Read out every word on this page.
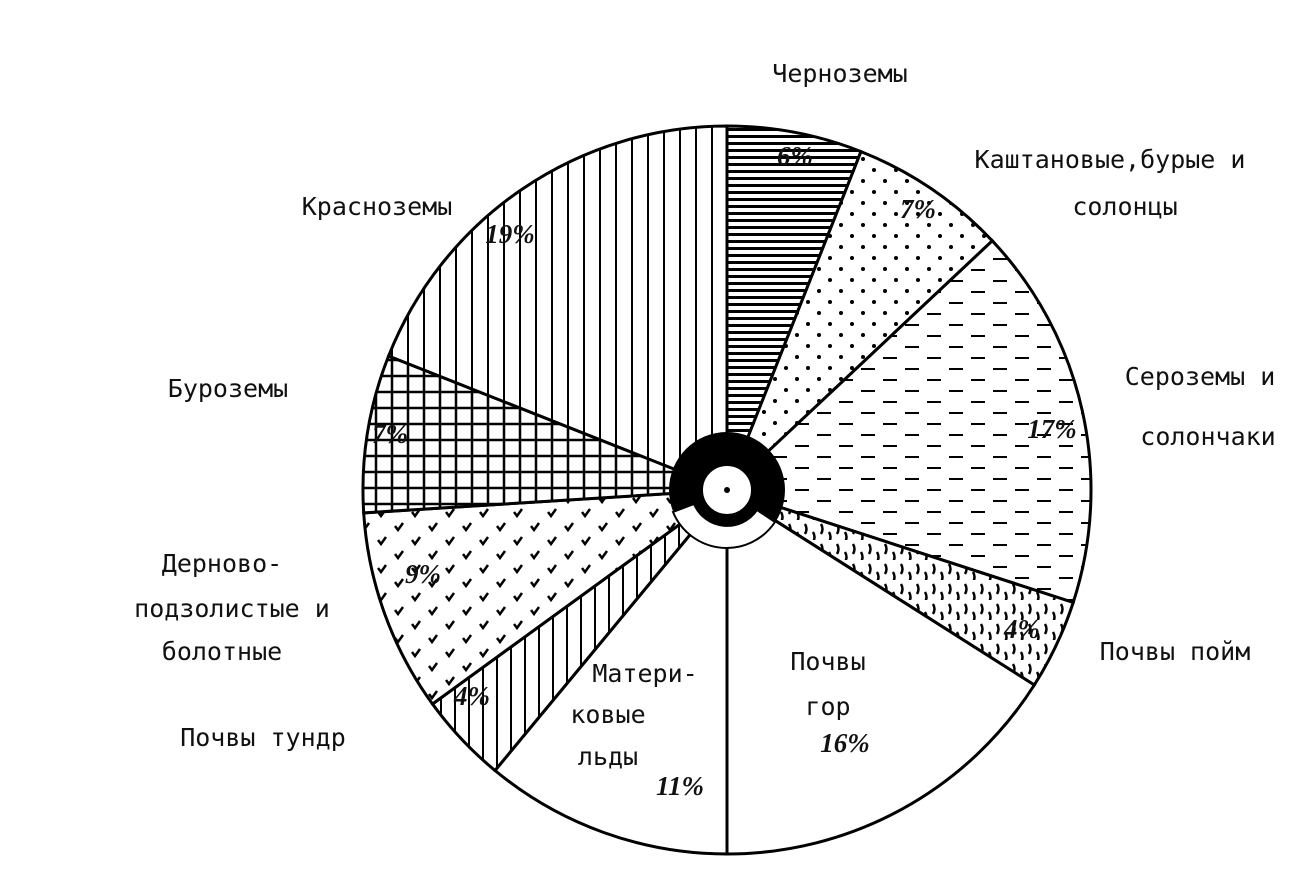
6%
7%
17%
4%
16%
11%
4%
9%
7%
19%
Черноземы
Каштановые,бурые и
солонцы
Сероземы и
солончаки
Почвы пойм
Почвы
гор
Матери-
ковые
льды
Почвы тундр
Дерново-
подзолистые и
болотные
Буроземы
Красноземы
